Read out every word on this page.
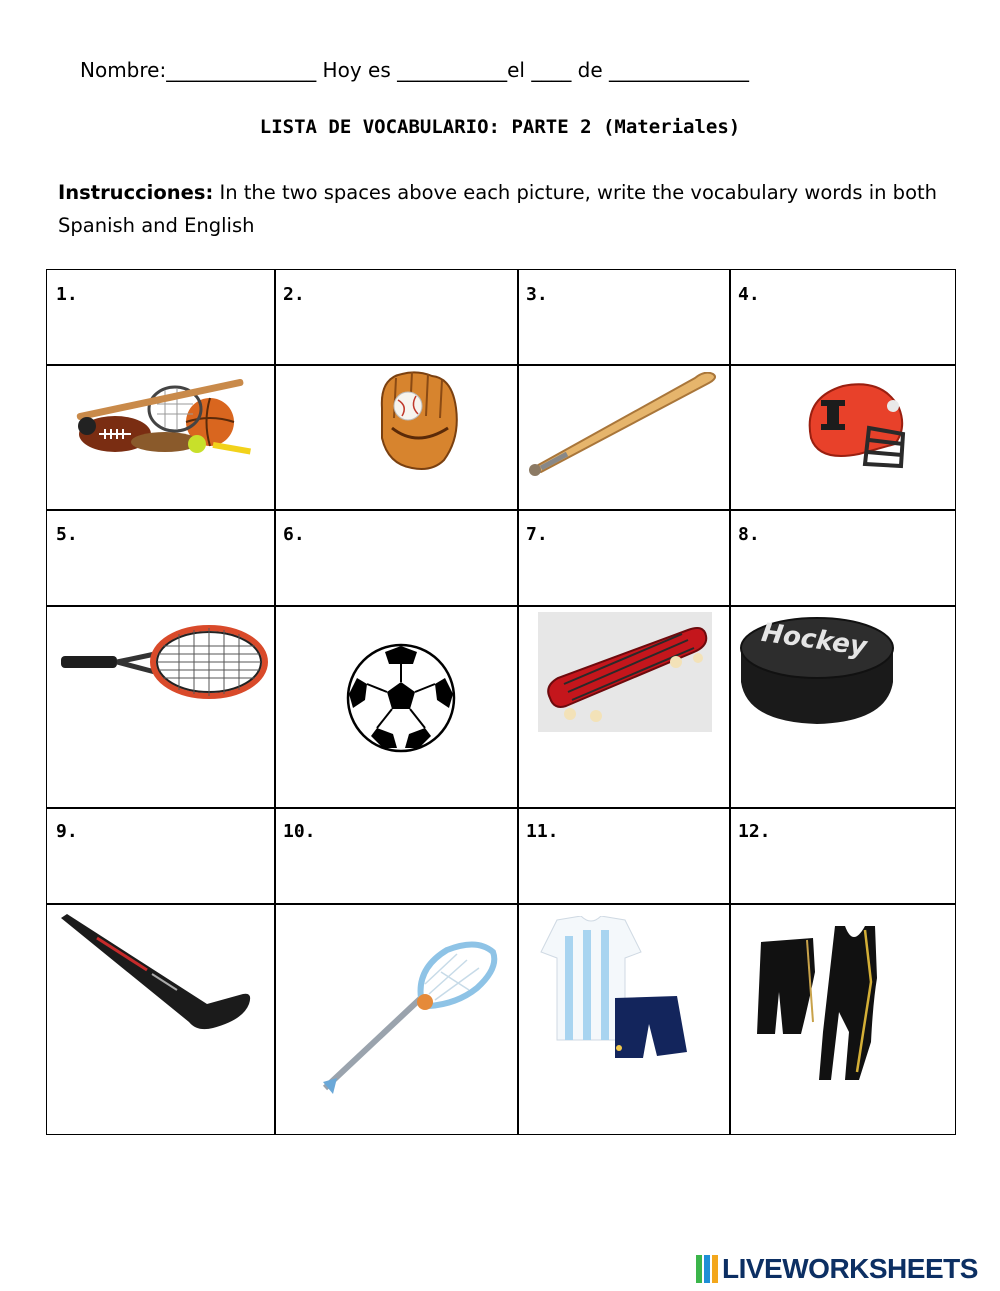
Nombre:_______________ Hoy es ___________el ____ de ______________
LISTA DE VOCABULARIO: PARTE 2 (Materiales)
Instrucciones: In the two spaces above each picture, write the vocabulary words in both Spanish and English
1.	2.	3.	4.
5.	6.	7.	8.
9.	10.	11.	12.
Hockey
LIVEWORKSHEETS
